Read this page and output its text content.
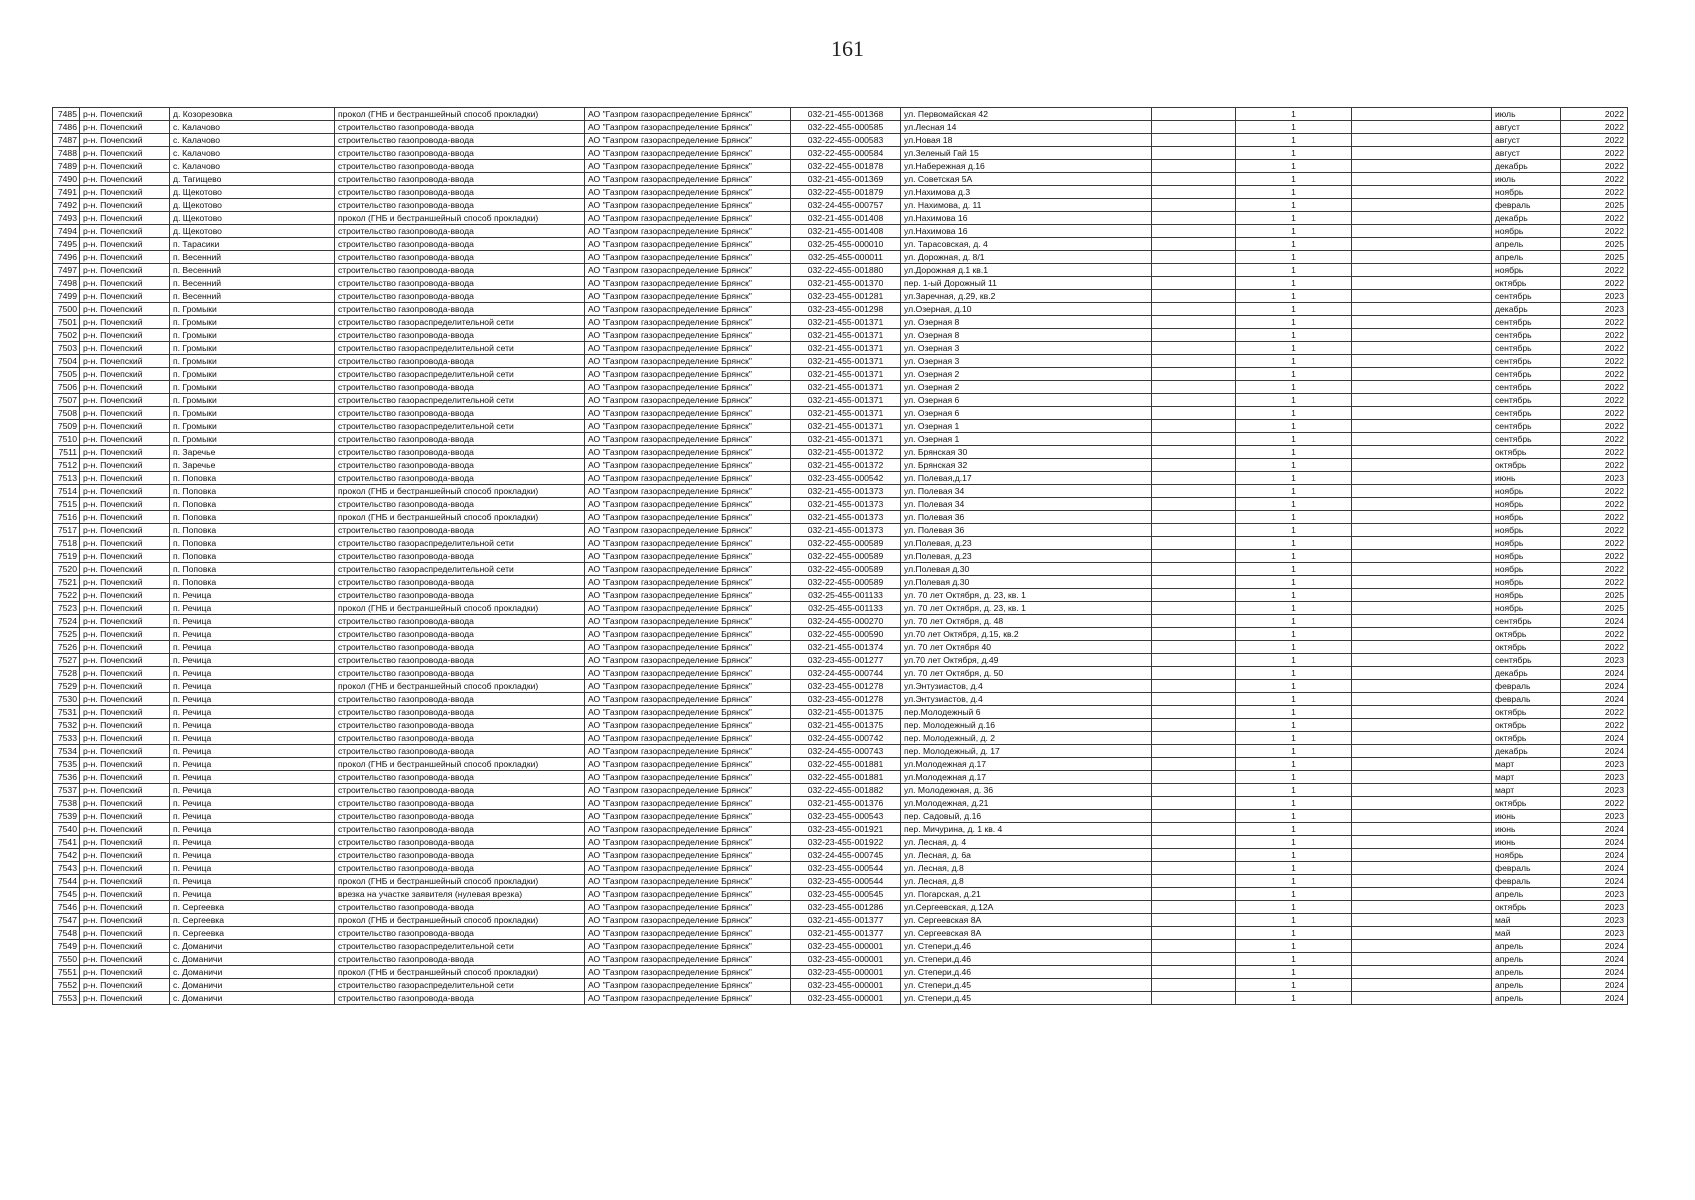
161
7485	р-н. Почепский	д. Козорезовка	прокол (ГНБ и бестраншейный способ прокладки)	АО "Газпром газораспределение Брянск"	032-21-455-001368	ул. Первомайская 42		1		июль	2022
7486	р-н. Почепский	с. Калачово	строительство газопровода-ввода	АО "Газпром газораспределение Брянск"	032-22-455-000585	ул.Лесная 14		1		август	2022
7487	р-н. Почепский	с. Калачово	строительство газопровода-ввода	АО "Газпром газораспределение Брянск"	032-22-455-000583	ул.Новая 18		1		август	2022
7488	р-н. Почепский	с. Калачово	строительство газопровода-ввода	АО "Газпром газораспределение Брянск"	032-22-455-000584	ул.Зеленый Гай 15		1		август	2022
7489	р-н. Почепский	с. Калачово	строительство газопровода-ввода	АО "Газпром газораспределение Брянск"	032-22-455-001878	ул.Набережная д.16		1		декабрь	2022
7490	р-н. Почепский	д. Тагищево	строительство газопровода-ввода	АО "Газпром газораспределение Брянск"	032-21-455-001369	ул. Советская 5А		1		июль	2022
7491	р-н. Почепский	д. Щекотово	строительство газопровода-ввода	АО "Газпром газораспределение Брянск"	032-22-455-001879	ул.Нахимова д.3		1		ноябрь	2022
7492	р-н. Почепский	д. Щекотово	строительство газопровода-ввода	АО "Газпром газораспределение Брянск"	032-24-455-000757	ул. Нахимова, д. 11		1		февраль	2025
7493	р-н. Почепский	д. Щекотово	прокол (ГНБ и бестраншейный способ прокладки)	АО "Газпром газораспределение Брянск"	032-21-455-001408	ул.Нахимова 16		1		декабрь	2022
7494	р-н. Почепский	д. Щекотово	строительство газопровода-ввода	АО "Газпром газораспределение Брянск"	032-21-455-001408	ул.Нахимова 16		1		ноябрь	2022
7495	р-н. Почепский	п. Тарасики	строительство газопровода-ввода	АО "Газпром газораспределение Брянск"	032-25-455-000010	ул. Тарасовская, д. 4		1		апрель	2025
7496	р-н. Почепский	п. Весенний	строительство газопровода-ввода	АО "Газпром газораспределение Брянск"	032-25-455-000011	ул. Дорожная, д. 8/1		1		апрель	2025
7497	р-н. Почепский	п. Весенний	строительство газопровода-ввода	АО "Газпром газораспределение Брянск"	032-22-455-001880	ул.Дорожная д.1 кв.1		1		ноябрь	2022
7498	р-н. Почепский	п. Весенний	строительство газопровода-ввода	АО "Газпром газораспределение Брянск"	032-21-455-001370	пер. 1-ый Дорожный 11		1		октябрь	2022
7499	р-н. Почепский	п. Весенний	строительство газопровода-ввода	АО "Газпром газораспределение Брянск"	032-23-455-001281	ул.Заречная, д.29, кв.2		1		сентябрь	2023
7500	р-н. Почепский	п. Громыки	строительство газопровода-ввода	АО "Газпром газораспределение Брянск"	032-23-455-001298	ул.Озерная, д.10		1		декабрь	2023
7501	р-н. Почепский	п. Громыки	строительство газораспределительной сети	АО "Газпром газораспределение Брянск"	032-21-455-001371	ул. Озерная 8		1		сентябрь	2022
7502	р-н. Почепский	п. Громыки	строительство газопровода-ввода	АО "Газпром газораспределение Брянск"	032-21-455-001371	ул. Озерная 8		1		сентябрь	2022
7503	р-н. Почепский	п. Громыки	строительство газораспределительной сети	АО "Газпром газораспределение Брянск"	032-21-455-001371	ул. Озерная 3		1		сентябрь	2022
7504	р-н. Почепский	п. Громыки	строительство газопровода-ввода	АО "Газпром газораспределение Брянск"	032-21-455-001371	ул. Озерная 3		1		сентябрь	2022
7505	р-н. Почепский	п. Громыки	строительство газораспределительной сети	АО "Газпром газораспределение Брянск"	032-21-455-001371	ул. Озерная 2		1		сентябрь	2022
7506	р-н. Почепский	п. Громыки	строительство газопровода-ввода	АО "Газпром газораспределение Брянск"	032-21-455-001371	ул. Озерная 2		1		сентябрь	2022
7507	р-н. Почепский	п. Громыки	строительство газораспределительной сети	АО "Газпром газораспределение Брянск"	032-21-455-001371	ул. Озерная 6		1		сентябрь	2022
7508	р-н. Почепский	п. Громыки	строительство газопровода-ввода	АО "Газпром газораспределение Брянск"	032-21-455-001371	ул. Озерная 6		1		сентябрь	2022
7509	р-н. Почепский	п. Громыки	строительство газораспределительной сети	АО "Газпром газораспределение Брянск"	032-21-455-001371	ул. Озерная 1		1		сентябрь	2022
7510	р-н. Почепский	п. Громыки	строительство газопровода-ввода	АО "Газпром газораспределение Брянск"	032-21-455-001371	ул. Озерная 1		1		сентябрь	2022
7511	р-н. Почепский	п. Заречье	строительство газопровода-ввода	АО "Газпром газораспределение Брянск"	032-21-455-001372	ул. Брянская 30		1		октябрь	2022
7512	р-н. Почепский	п. Заречье	строительство газопровода-ввода	АО "Газпром газораспределение Брянск"	032-21-455-001372	ул. Брянская 32		1		октябрь	2022
7513	р-н. Почепский	п. Поповка	строительство газопровода-ввода	АО "Газпром газораспределение Брянск"	032-23-455-000542	ул. Полевая,д.17		1		июнь	2023
7514	р-н. Почепский	п. Поповка	прокол (ГНБ и бестраншейный способ прокладки)	АО "Газпром газораспределение Брянск"	032-21-455-001373	ул. Полевая 34		1		ноябрь	2022
7515	р-н. Почепский	п. Поповка	строительство газопровода-ввода	АО "Газпром газораспределение Брянск"	032-21-455-001373	ул. Полевая 34		1		ноябрь	2022
7516	р-н. Почепский	п. Поповка	прокол (ГНБ и бестраншейный способ прокладки)	АО "Газпром газораспределение Брянск"	032-21-455-001373	ул. Полевая 36		1		ноябрь	2022
7517	р-н. Почепский	п. Поповка	строительство газопровода-ввода	АО "Газпром газораспределение Брянск"	032-21-455-001373	ул. Полевая 36		1		ноябрь	2022
7518	р-н. Почепский	п. Поповка	строительство газораспределительной сети	АО "Газпром газораспределение Брянск"	032-22-455-000589	ул.Полевая, д.23		1		ноябрь	2022
7519	р-н. Почепский	п. Поповка	строительство газопровода-ввода	АО "Газпром газораспределение Брянск"	032-22-455-000589	ул.Полевая, д.23		1		ноябрь	2022
7520	р-н. Почепский	п. Поповка	строительство газораспределительной сети	АО "Газпром газораспределение Брянск"	032-22-455-000589	ул.Полевая д.30		1		ноябрь	2022
7521	р-н. Почепский	п. Поповка	строительство газопровода-ввода	АО "Газпром газораспределение Брянск"	032-22-455-000589	ул.Полевая д.30		1		ноябрь	2022
7522	р-н. Почепский	п. Речица	строительство газопровода-ввода	АО "Газпром газораспределение Брянск"	032-25-455-001133	ул. 70 лет Октября, д. 23, кв. 1		1		ноябрь	2025
7523	р-н. Почепский	п. Речица	прокол (ГНБ и бестраншейный способ прокладки)	АО "Газпром газораспределение Брянск"	032-25-455-001133	ул. 70 лет Октября, д. 23, кв. 1		1		ноябрь	2025
7524	р-н. Почепский	п. Речица	строительство газопровода-ввода	АО "Газпром газораспределение Брянск"	032-24-455-000270	ул. 70 лет Октября, д. 48		1		сентябрь	2024
7525	р-н. Почепский	п. Речица	строительство газопровода-ввода	АО "Газпром газораспределение Брянск"	032-22-455-000590	ул.70 лет Октября, д.15, кв.2		1		октябрь	2022
7526	р-н. Почепский	п. Речица	строительство газопровода-ввода	АО "Газпром газораспределение Брянск"	032-21-455-001374	ул. 70 лет Октября 40		1		октябрь	2022
7527	р-н. Почепский	п. Речица	строительство газопровода-ввода	АО "Газпром газораспределение Брянск"	032-23-455-001277	ул.70 лет Октября, д.49		1		сентябрь	2023
7528	р-н. Почепский	п. Речица	строительство газопровода-ввода	АО "Газпром газораспределение Брянск"	032-24-455-000744	ул. 70 лет Октября, д. 50		1		декабрь	2024
7529	р-н. Почепский	п. Речица	прокол (ГНБ и бестраншейный способ прокладки)	АО "Газпром газораспределение Брянск"	032-23-455-001278	ул.Энтузиастов, д.4		1		февраль	2024
7530	р-н. Почепский	п. Речица	строительство газопровода-ввода	АО "Газпром газораспределение Брянск"	032-23-455-001278	ул.Энтузиастов, д.4		1		февраль	2024
7531	р-н. Почепский	п. Речица	строительство газопровода-ввода	АО "Газпром газораспределение Брянск"	032-21-455-001375	пер.Молодежный 6		1		октябрь	2022
7532	р-н. Почепский	п. Речица	строительство газопровода-ввода	АО "Газпром газораспределение Брянск"	032-21-455-001375	пер. Молодежный д.16		1		октябрь	2022
7533	р-н. Почепский	п. Речица	строительство газопровода-ввода	АО "Газпром газораспределение Брянск"	032-24-455-000742	пер. Молодежный, д. 2		1		октябрь	2024
7534	р-н. Почепский	п. Речица	строительство газопровода-ввода	АО "Газпром газораспределение Брянск"	032-24-455-000743	пер. Молодежный, д. 17		1		декабрь	2024
7535	р-н. Почепский	п. Речица	прокол (ГНБ и бестраншейный способ прокладки)	АО "Газпром газораспределение Брянск"	032-22-455-001881	ул.Молодежная д.17		1		март	2023
7536	р-н. Почепский	п. Речица	строительство газопровода-ввода	АО "Газпром газораспределение Брянск"	032-22-455-001881	ул.Молодежная д.17		1		март	2023
7537	р-н. Почепский	п. Речица	строительство газопровода-ввода	АО "Газпром газораспределение Брянск"	032-22-455-001882	ул. Молодежная, д. 36		1		март	2023
7538	р-н. Почепский	п. Речица	строительство газопровода-ввода	АО "Газпром газораспределение Брянск"	032-21-455-001376	ул.Молодежная, д.21		1		октябрь	2022
7539	р-н. Почепский	п. Речица	строительство газопровода-ввода	АО "Газпром газораспределение Брянск"	032-23-455-000543	пер. Садовый, д.16		1		июнь	2023
7540	р-н. Почепский	п. Речица	строительство газопровода-ввода	АО "Газпром газораспределение Брянск"	032-23-455-001921	пер. Мичурина, д. 1 кв. 4		1		июнь	2024
7541	р-н. Почепский	п. Речица	строительство газопровода-ввода	АО "Газпром газораспределение Брянск"	032-23-455-001922	ул. Лесная, д. 4		1		июнь	2024
7542	р-н. Почепский	п. Речица	строительство газопровода-ввода	АО "Газпром газораспределение Брянск"	032-24-455-000745	ул. Лесная, д. 6а		1		ноябрь	2024
7543	р-н. Почепский	п. Речица	строительство газопровода-ввода	АО "Газпром газораспределение Брянск"	032-23-455-000544	ул. Лесная, д.8		1		февраль	2024
7544	р-н. Почепский	п. Речица	прокол (ГНБ и бестраншейный способ прокладки)	АО "Газпром газораспределение Брянск"	032-23-455-000544	ул. Лесная, д.8		1		февраль	2024
7545	р-н. Почепский	п. Речица	врезка на участке заявителя (нулевая врезка)	АО "Газпром газораспределение Брянск"	032-23-455-000545	ул. Погарская, д.21		1		апрель	2023
7546	р-н. Почепский	п. Сергеевка	строительство газопровода-ввода	АО "Газпром газораспределение Брянск"	032-23-455-001286	ул.Сергеевская, д.12А		1		октябрь	2023
7547	р-н. Почепский	п. Сергеевка	прокол (ГНБ и бестраншейный способ прокладки)	АО "Газпром газораспределение Брянск"	032-21-455-001377	ул. Сергеевская 8А		1		май	2023
7548	р-н. Почепский	п. Сергеевка	строительство газопровода-ввода	АО "Газпром газораспределение Брянск"	032-21-455-001377	ул. Сергеевская 8А		1		май	2023
7549	р-н. Почепский	с. Доманичи	строительство газораспределительной сети	АО "Газпром газораспределение Брянск"	032-23-455-000001	ул. Степери,д.46		1		апрель	2024
7550	р-н. Почепский	с. Доманичи	строительство газопровода-ввода	АО "Газпром газораспределение Брянск"	032-23-455-000001	ул. Степери,д.46		1		апрель	2024
7551	р-н. Почепский	с. Доманичи	прокол (ГНБ и бестраншейный способ прокладки)	АО "Газпром газораспределение Брянск"	032-23-455-000001	ул. Степери,д.46		1		апрель	2024
7552	р-н. Почепский	с. Доманичи	строительство газораспределительной сети	АО "Газпром газораспределение Брянск"	032-23-455-000001	ул. Степери,д.45		1		апрель	2024
7553	р-н. Почепский	с. Доманичи	строительство газопровода-ввода	АО "Газпром газораспределение Брянск"	032-23-455-000001	ул. Степери,д.45		1		апрель	2024
